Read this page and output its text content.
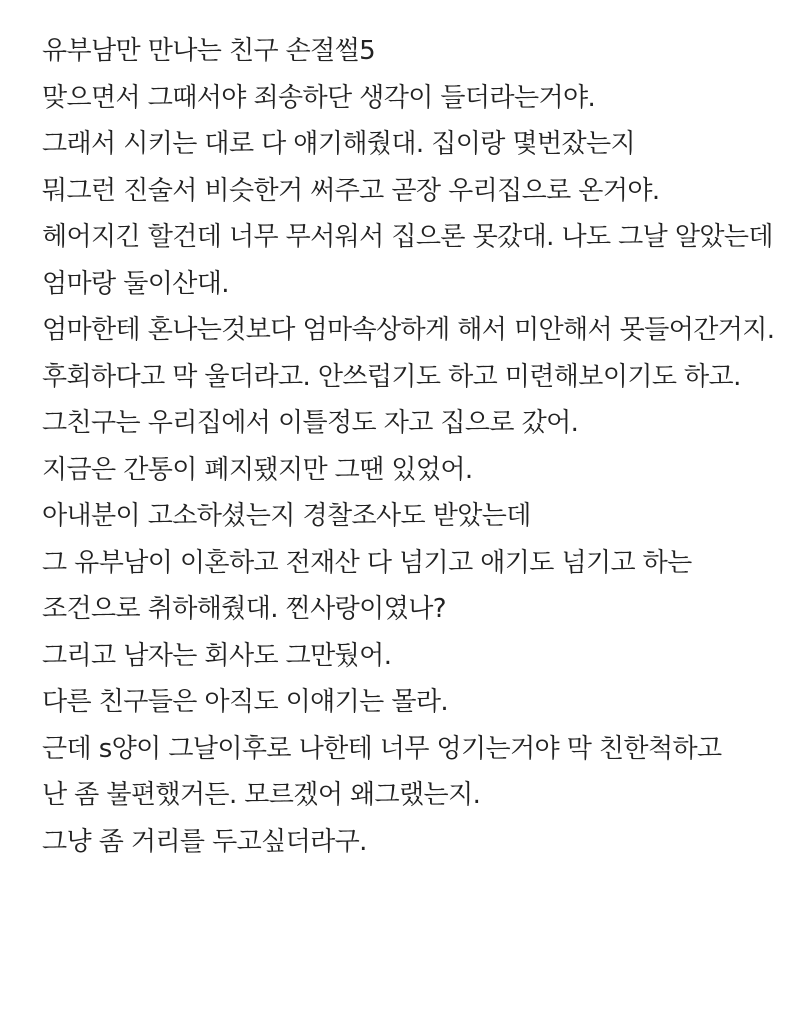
유부남만 만나는 친구 손절썰5
맞으면서 그때서야 죄송하단 생각이 들더라는거야.
그래서 시키는 대로 다 얘기해줬대. 집이랑 몇번잤는지
뭐그런 진술서 비슷한거 써주고 곧장 우리집으로 온거야.
헤어지긴 할건데 너무 무서워서 집으론 못갔대. 나도 그날 알았는데
엄마랑 둘이산대.
엄마한테 혼나는것보다 엄마속상하게 해서 미안해서 못들어간거지.
후회하다고 막 울더라고. 안쓰럽기도 하고 미련해보이기도 하고.
그친구는 우리집에서 이틀정도 자고 집으로 갔어.
지금은 간통이 폐지됐지만 그땐 있었어.
아내분이 고소하셨는지 경찰조사도 받았는데
그 유부남이 이혼하고 전재산 다 넘기고 애기도 넘기고 하는
조건으로 취하해줬대. 찐사랑이였나?
그리고 남자는 회사도 그만뒀어.
다른 친구들은 아직도 이얘기는 몰라.
근데 s양이 그날이후로 나한테 너무 엉기는거야 막 친한척하고
난 좀 불편했거든. 모르겠어 왜그랬는지.
그냥 좀 거리를 두고싶더라구.
